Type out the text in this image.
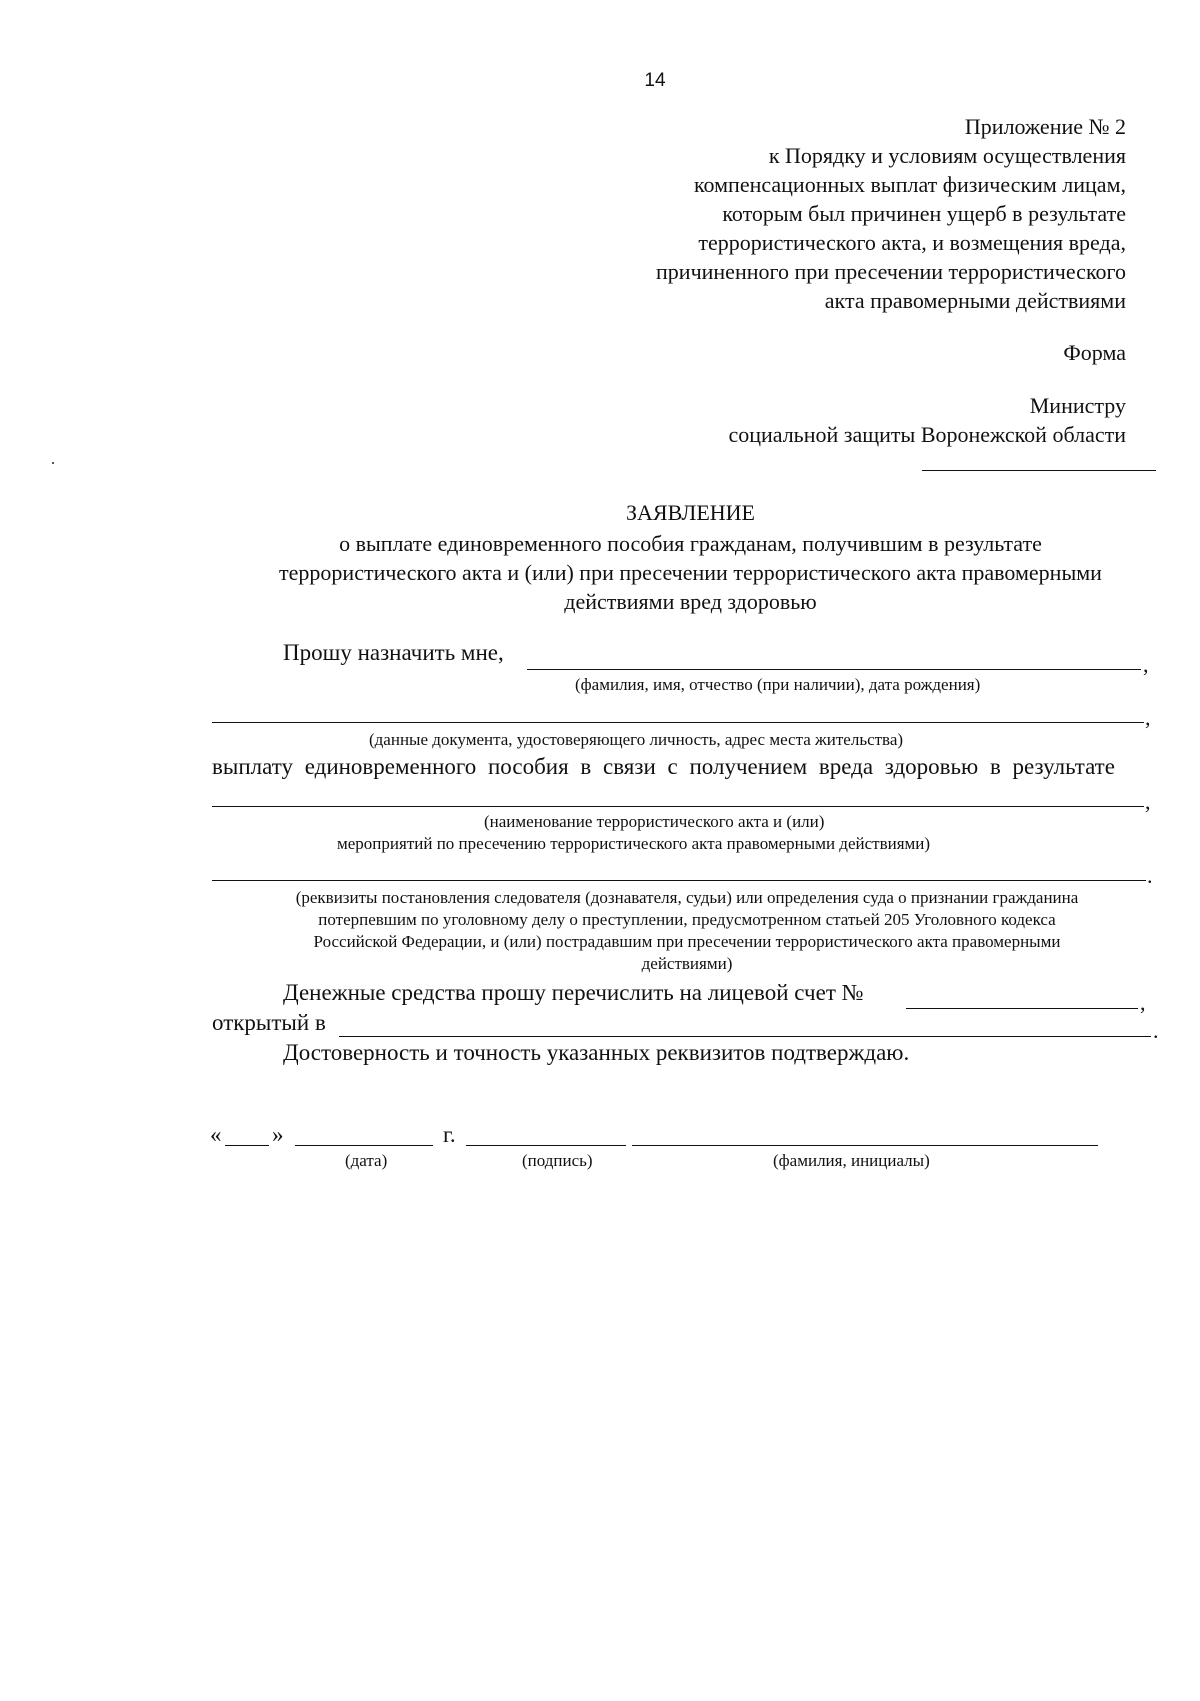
14
Приложение № 2
к Порядку и условиям осуществления
компенсационных выплат физическим лицам,
которым был причинен ущерб в результате
террористического акта, и возмещения вреда,
причиненного при пресечении террористического
акта правомерными действиями
Форма
Министру
социальной защиты Воронежской области
ЗАЯВЛЕНИЕ
о выплате единовременного пособия гражданам, получившим в результате
террористического акта и (или) при пресечении террористического акта правомерными
действиями вред здоровью
Прошу назначить мне,	,
(фамилия, имя, отчество (при наличии), дата рождения)
,
(данные документа, удостоверяющего личность, адрес места жительства)
выплату единовременного пособия в связи с получением вреда здоровью в результате
,
(наименование террористического акта и (или)
мероприятий по пресечению террористического акта правомерными действиями)
.
(реквизиты постановления следователя (дознавателя, судьи) или определения суда о признании гражданина
потерпевшим по уголовному делу о преступлении, предусмотренном статьей 205 Уголовного кодекса
Российской Федерации, и (или) пострадавшим при пресечении террористического акта правомерными
действиями)
Денежные средства прошу перечислить на лицевой счет №	,
открытый в	.
Достоверность и точность указанных реквизитов подтверждаю.
« »	г.
(дата)	(подпись)	(фамилия, инициалы)
